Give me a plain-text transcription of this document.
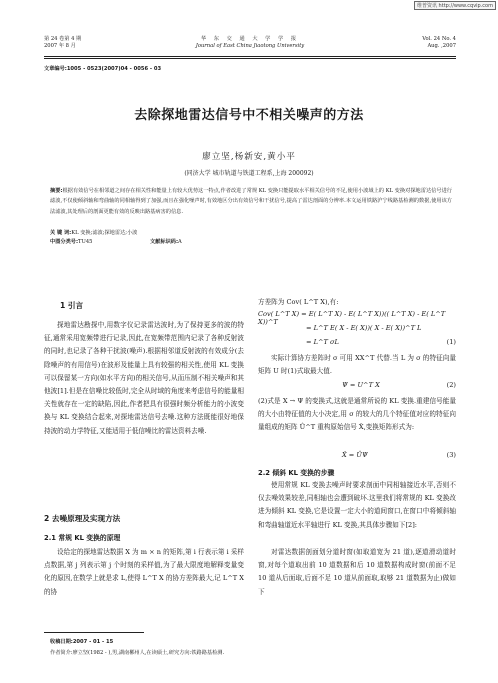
维普资讯 http://www.cqvip.com
第 24 卷第 4 期
2007 年 8 月
华 东 交 通 大 学 学 报
Journal of East China Jiaotong University
Vol. 24 No. 4
Aug. ,2007
文章编号:1005 - 0523(2007)04 - 0056 - 03
去除探地雷达信号中不相关噪声的方法
廖立坚,杨新安,黄小平
(同济大学 城市轨道与铁道工程系,上海 200092)
摘要:根据有效信号在相邻道之间存在相关性和能量上有较大优势这一特点,作者改进了常规 KL 变换只能提取水平相关信号的不足,使用小波域上的 KL 变换对探地雷达信号进行滤波,不仅使倾斜轴和弯曲轴的同相轴得到了加强,而且在强化噪声时,有效地区分出有效信号和干扰信号,提高了雷达剖面的分辨率.本文运用铁路沪宁线路基检测的数据,使用该方法滤波,其处理后的剖面更能有效的反映出路基病害的信息.
关 键 词:KL 变换;滤波;探地雷达;小波
中图分类号:TU45	文献标识码:A
1 引言

探地雷达勘探中,用数字仪记录雷达波时,为了保持更多的波的特征,通常采用宽频带进行记录,因此,在宽频带范围内记录了各种反射波的同时,也记录了各种干扰波(噪声).根据相邻道反射波的有效成分(去除噪声的有用信号)在波形及能量上具有较强的相关性,使用 KL 变换可以保留某一方向(如水平方向)的相关信号,从而压制不相关噪声和其他波[1].但是在信噪比较低时,完全从时域的角度来考虑信号的能量相关性就存在一定的缺陷,因此,作者把具有很强时频分析能力的小波变换与 KL 变换结合起来,对探地雷达信号去噪.这种方法既能很好地保持波的动力学特征,又能适用于低信噪比的雷达资料去噪.

2 去噪原理及实现方法
2.1 常规 KL 变换的原理

设给定的探地雷达数据 X 为 m × n 的矩阵,第 i 行表示第 i 采样点数据,第 j 列表示第 j 个时刻的采样值,为了最大限度地解释变量变化的原因,在数学上就是求 L,使得 L^T X 的协方差阵最大,记 L^T X 的协

收稿日期:2007 - 01 - 15
作者简介:廖立坚(1982 - ),男,湖南郴州人,在读硕士,研究方向:铁路路基检测.
方差阵为 Cov( L^T X),有:
Cov( L^T X) = E( L^T X) - E( L^T X))(( L^T X) - E( L^T X))^T
= L^T E( X - E( X))( X - E( X))^T L
= L^T σL	(1)

实际计算协方差阵时 σ 可用 XX^T 代替.当 L 为 σ 的特征向量矩阵 U 时(1)式取最大值.

Ψ = U^T X	(2)

(2)式是 X → Ψ 的变换式,这就是通常所说的 KL 变换.重建信号能量的大小由特征值的大小决定,用 σ 的较大的几个特征值对应的特征向量组成的矩阵 Û^T 重构原始信号 X̂,变换矩阵形式为:

X̂ = ÛΨ	(3)
2.2 倾斜 KL 变换的步骤

使用常规 KL 变换去噪声时要求剖面中同相轴接近水平,否则不仅去噪效果较差,同相轴也会遭到破坏.这里我们将常规的 KL 变换改进为倾斜 KL 变换,它是设置一定大小的道间窗口,在窗口中将倾斜轴和弯曲轴道近水平轴进行 KL 变换,其具体步骤如下[2]:

对雷达数据剖面划分道时窗(如取道宽为 21 道),逐道滑动道时窗,对每个道取出前 10 道数据和后 10 道数据构成时窗(前面不足 10 道从后面取,后面不足 10 道从前面取,取够 21 道数据为止)做如下
